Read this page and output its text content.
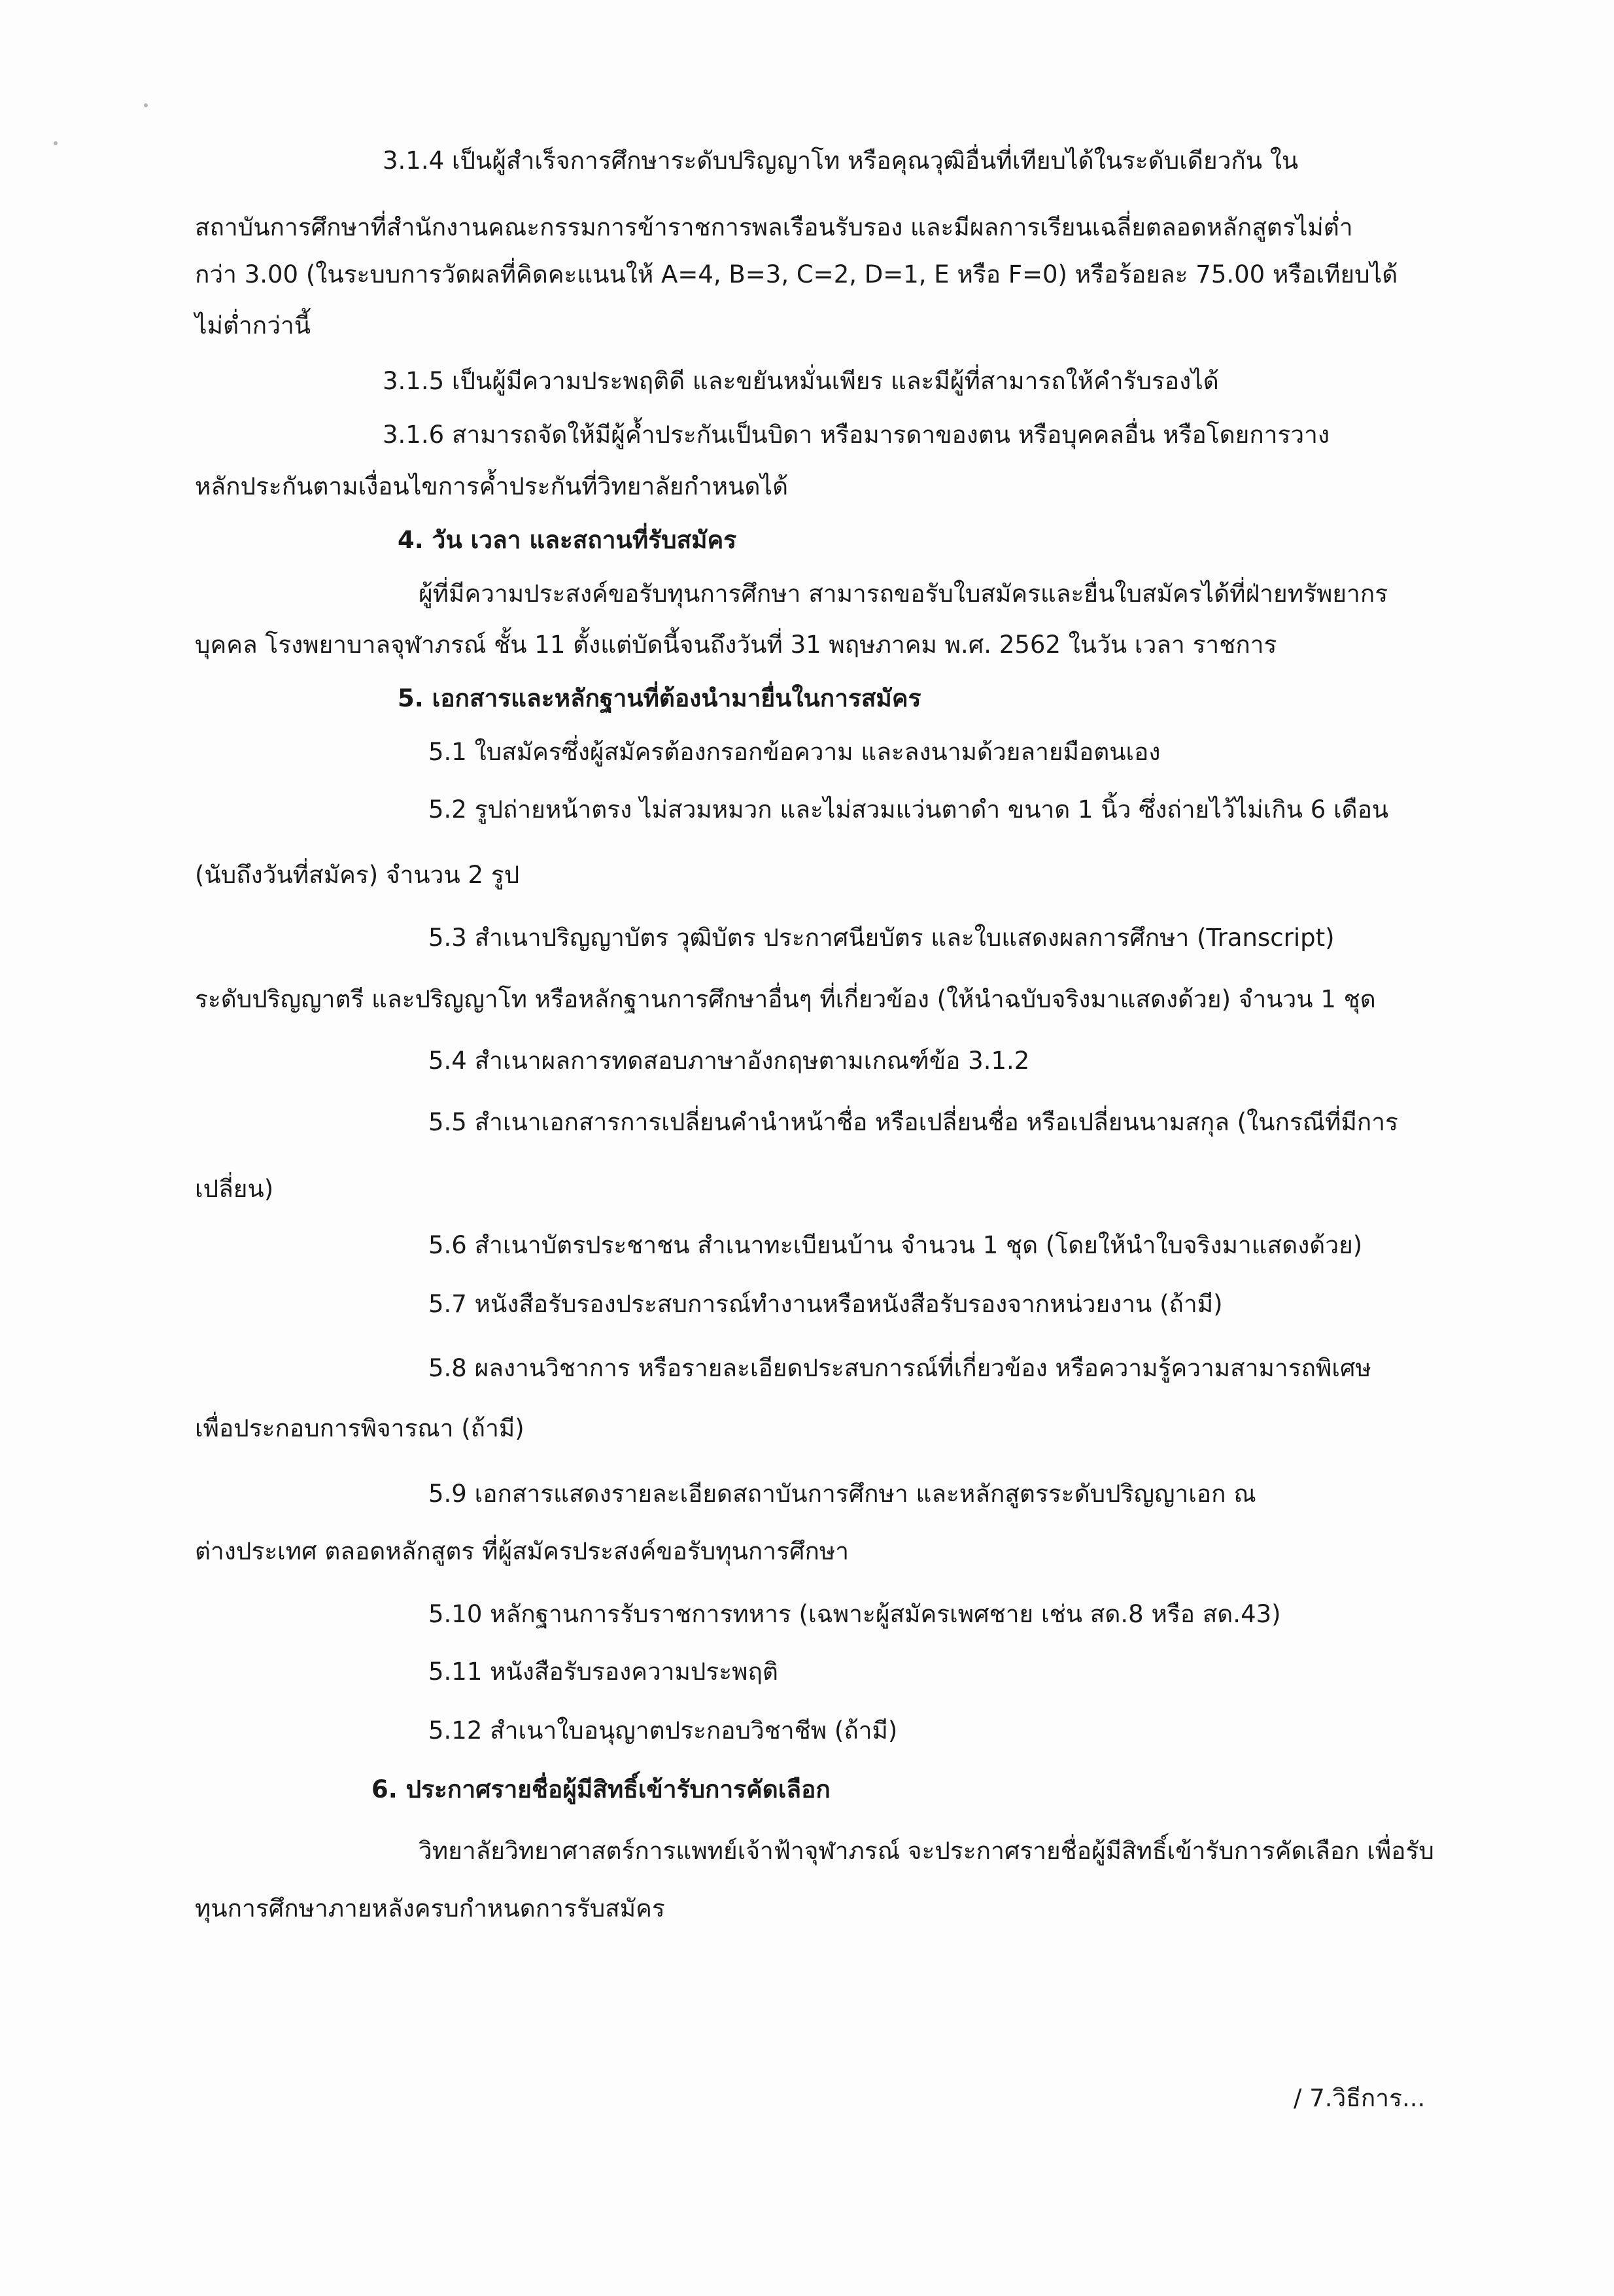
3.1.4 เป็นผู้สำเร็จการศึกษาระดับปริญญาโท หรือคุณวุฒิอื่นที่เทียบได้ในระดับเดียวกัน ใน
สถาบันการศึกษาที่สำนักงานคณะกรรมการข้าราชการพลเรือนรับรอง และมีผลการเรียนเฉลี่ยตลอดหลักสูตรไม่ต่ำ
กว่า 3.00 (ในระบบการวัดผลที่คิดคะแนนให้ A=4, B=3, C=2, D=1, E หรือ F=0) หรือร้อยละ 75.00 หรือเทียบได้
ไม่ต่ำกว่านี้
3.1.5 เป็นผู้มีความประพฤติดี และขยันหมั่นเพียร และมีผู้ที่สามารถให้คำรับรองได้
3.1.6 สามารถจัดให้มีผู้ค้ำประกันเป็นบิดา หรือมารดาของตน หรือบุคคลอื่น หรือโดยการวาง
หลักประกันตามเงื่อนไขการค้ำประกันที่วิทยาลัยกำหนดได้
4. วัน เวลา และสถานที่รับสมัคร
ผู้ที่มีความประสงค์ขอรับทุนการศึกษา สามารถขอรับใบสมัครและยื่นใบสมัครได้ที่ฝ่ายทรัพยากร
บุคคล โรงพยาบาลจุฬาภรณ์ ชั้น 11 ตั้งแต่บัดนี้จนถึงวันที่ 31 พฤษภาคม พ.ศ. 2562 ในวัน เวลา ราชการ
5. เอกสารและหลักฐานที่ต้องนำมายื่นในการสมัคร
5.1 ใบสมัครซึ่งผู้สมัครต้องกรอกข้อความ และลงนามด้วยลายมือตนเอง
5.2 รูปถ่ายหน้าตรง ไม่สวมหมวก และไม่สวมแว่นตาดำ ขนาด 1 นิ้ว ซึ่งถ่ายไว้ไม่เกิน 6 เดือน
(นับถึงวันที่สมัคร) จำนวน 2 รูป
5.3 สำเนาปริญญาบัตร วุฒิบัตร ประกาศนียบัตร และใบแสดงผลการศึกษา (Transcript)
ระดับปริญญาตรี และปริญญาโท หรือหลักฐานการศึกษาอื่นๆ ที่เกี่ยวข้อง (ให้นำฉบับจริงมาแสดงด้วย) จำนวน 1 ชุด
5.4 สำเนาผลการทดสอบภาษาอังกฤษตามเกณฑ์ข้อ 3.1.2
5.5 สำเนาเอกสารการเปลี่ยนคำนำหน้าชื่อ หรือเปลี่ยนชื่อ หรือเปลี่ยนนามสกุล (ในกรณีที่มีการ
เปลี่ยน)
5.6 สำเนาบัตรประชาชน สำเนาทะเบียนบ้าน จำนวน 1 ชุด (โดยให้นำใบจริงมาแสดงด้วย)
5.7 หนังสือรับรองประสบการณ์ทำงานหรือหนังสือรับรองจากหน่วยงาน (ถ้ามี)
5.8 ผลงานวิชาการ หรือรายละเอียดประสบการณ์ที่เกี่ยวข้อง หรือความรู้ความสามารถพิเศษ
เพื่อประกอบการพิจารณา (ถ้ามี)
5.9 เอกสารแสดงรายละเอียดสถาบันการศึกษา และหลักสูตรระดับปริญญาเอก ณ
ต่างประเทศ ตลอดหลักสูตร ที่ผู้สมัครประสงค์ขอรับทุนการศึกษา
5.10 หลักฐานการรับราชการทหาร (เฉพาะผู้สมัครเพศชาย เช่น สด.8 หรือ สด.43)
5.11 หนังสือรับรองความประพฤติ
5.12 สำเนาใบอนุญาตประกอบวิชาชีพ (ถ้ามี)
6. ประกาศรายชื่อผู้มีสิทธิ์เข้ารับการคัดเลือก
วิทยาลัยวิทยาศาสตร์การแพทย์เจ้าฟ้าจุฬาภรณ์ จะประกาศรายชื่อผู้มีสิทธิ์เข้ารับการคัดเลือก เพื่อรับ
ทุนการศึกษาภายหลังครบกำหนดการรับสมัคร
/ 7.วิธีการ...
